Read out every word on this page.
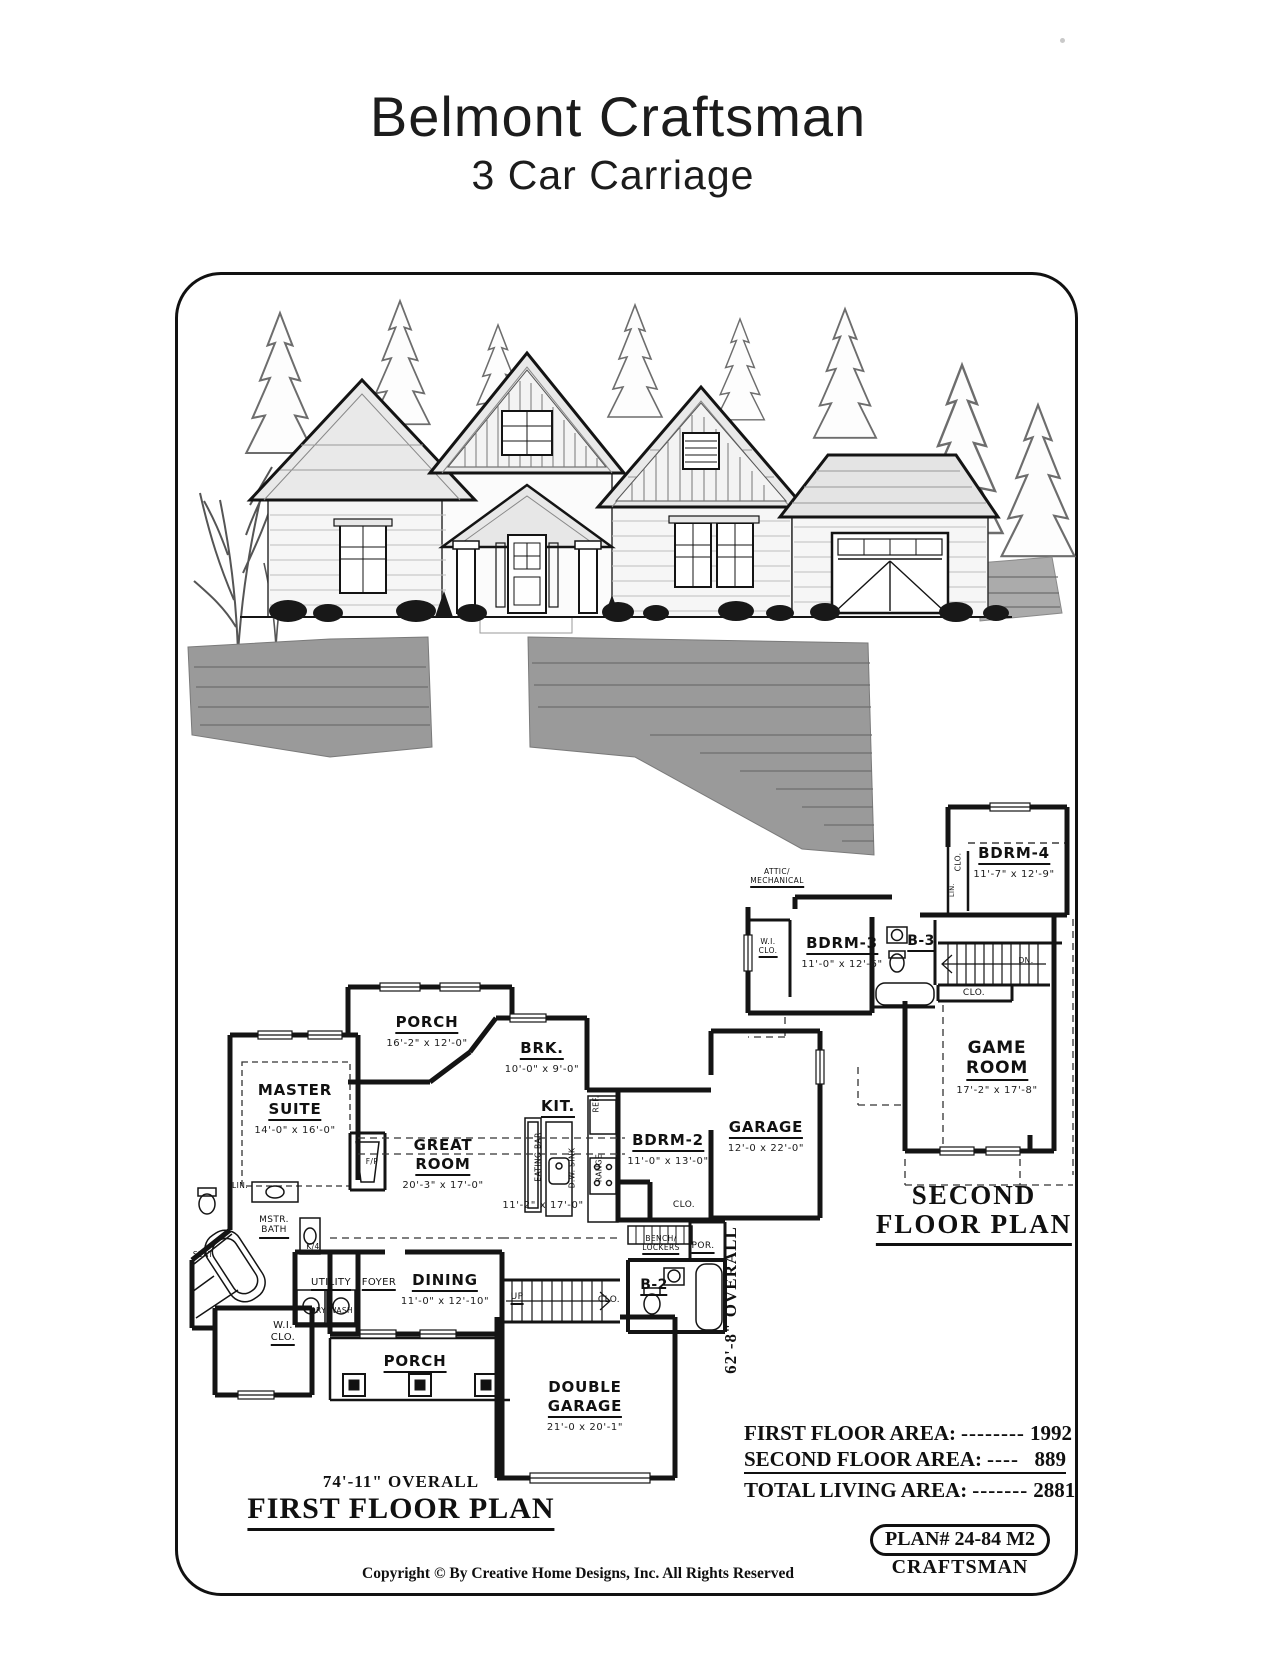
Belmont Craftsman
3 Car Carriage
PORCH
16'-2" x 12'-0"
MASTER
SUITE
14'-0" x 16'-0"
BRK.
10'-0" x 9'-0"
KIT.
11'-2" x 17'-0"
GREAT
ROOM
20'-3" x 17'-0"
BDRM-2
11'-0" x 13'-0"
GARAGE
12'-0 x 22'-0"
DINING
11'-0" x 12'-10"
DOUBLE
GARAGE
21'-0 x 20'-1"
PORCH
F/P
REF.
RANGE
EATING BAR	D.W. SINK
MSTR.
BATH
SEAT
LIN.
K/4
UTILITY FOYER
DRY WASH
W.I.
CLO.
CLO.
BENCH/
LOCKERS POR.
B-2
UP	CLO.	62'-8" OVERALL
74'-11" OVERALL
FIRST FLOOR PLAN
ATTIC/
MECHANICAL
W.I.
CLO.	BDRM-3
11'-0" x 12'-6"
B-3
BDRM-4
11'-7" x 12'-9"
CLO.
LIN.
DN.
CLO.
GAME
ROOM
17'-2" x 17'-8"
SECOND
FLOOR PLAN
FIRST FLOOR AREA: -------- 1992
SECOND FLOOR AREA: ---- 889
TOTAL LIVING AREA: ------- 2881
PLAN# 24-84 M2
CRAFTSMAN
Copyright © By Creative Home Designs, Inc. All Rights Reserved
